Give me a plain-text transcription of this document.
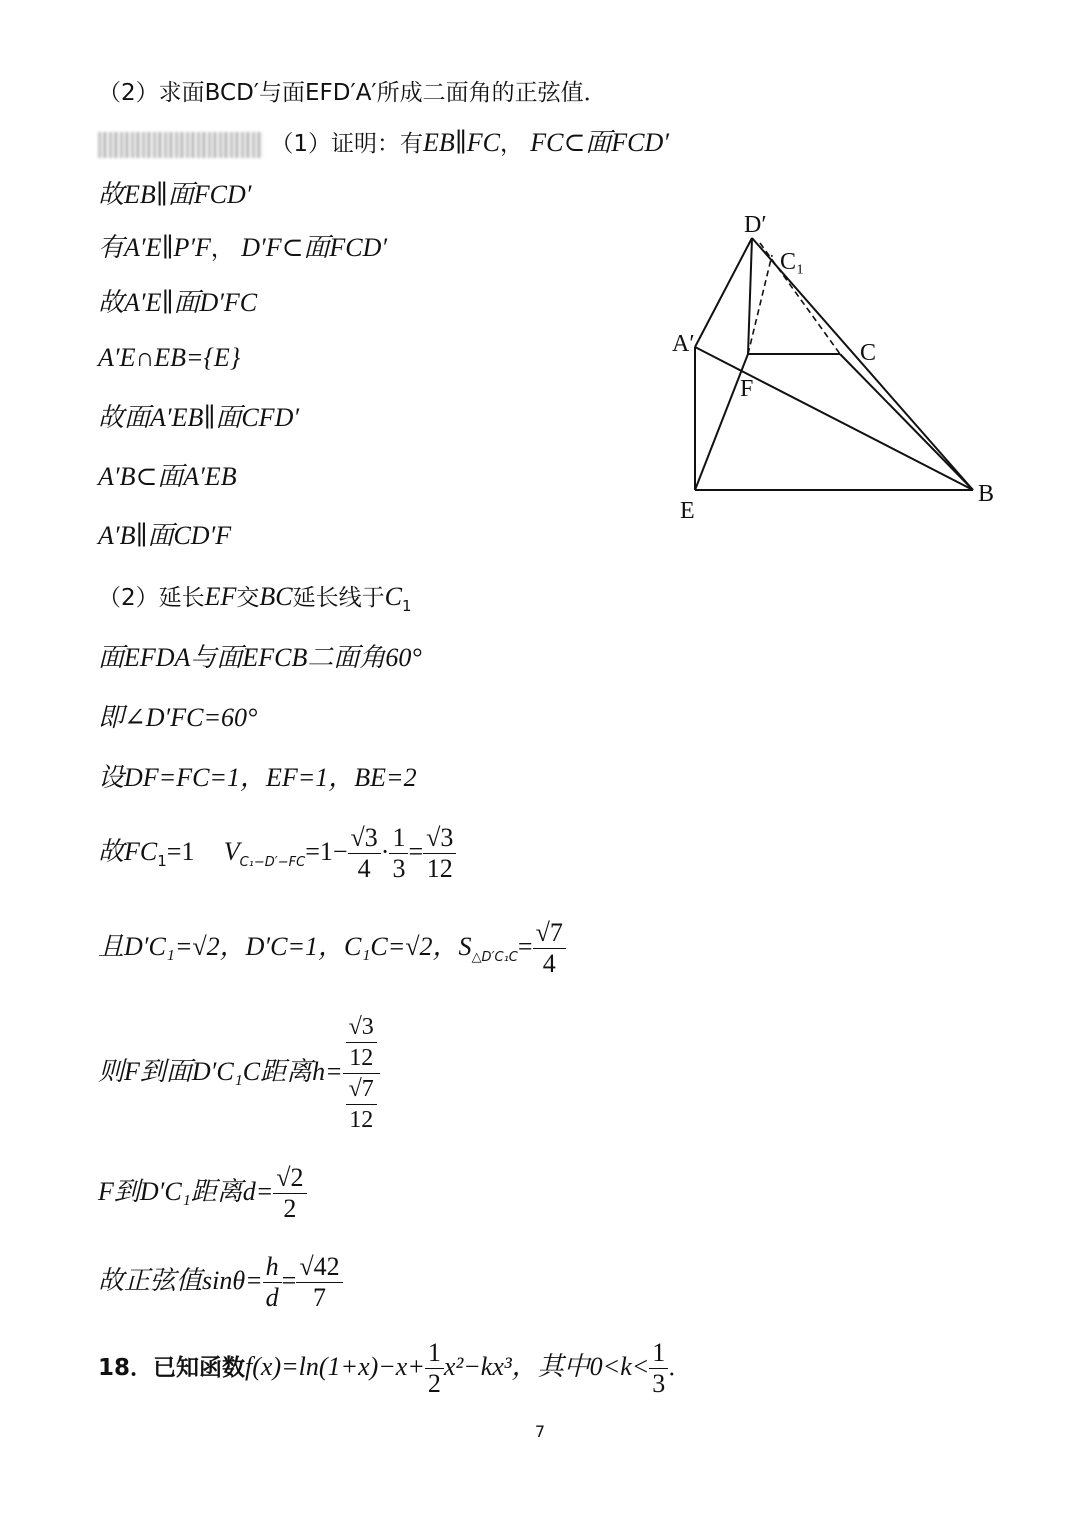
（2）求面BCD′与面EFD′A′所成二面角的正弦值．
（1）证明：有EB∥FC， FC⊂面FCD′
故EB∥面FCD′
有A′E∥P′F， D′F⊂面FCD′
故A′E∥面D′FC
A′E∩EB={E}
故面A′EB∥面CFD′
A′B⊂面A′EB
A′B∥面CD′F
（2）延长EF交BC延长线于$C_1$
面EFDA与面EFCB二面角60°
即∠D′FC=60°
设DF=FC=1，EF=1，BE=2
故$FC_1=1$ $V_{C_1-D'-FC}=1- \frac{√3}{4} \cdot \frac{1}{3} = \frac{√3}{12}$
且D′C₁=√2，D′C=1，C₁C=√2，$S_{\triangle D'C_1C}= \frac{√7}{4}$
则F到面D′C₁C距离$h= \frac{\frac{√3}{12}}{\frac{√7}{12}}$
F到D′C₁距离$d= \frac{√2}{2}$
故正弦值$\sin\theta= \frac{h}{d} = \frac{√42}{7}$
18．已知函数$f(x)=\ln(1+x)-x+ \frac{1}{2} x^2-kx^3$，其中$0<k< \frac{1}{3}$ ．
D′
C₁
A′	C
F
E
B
7
